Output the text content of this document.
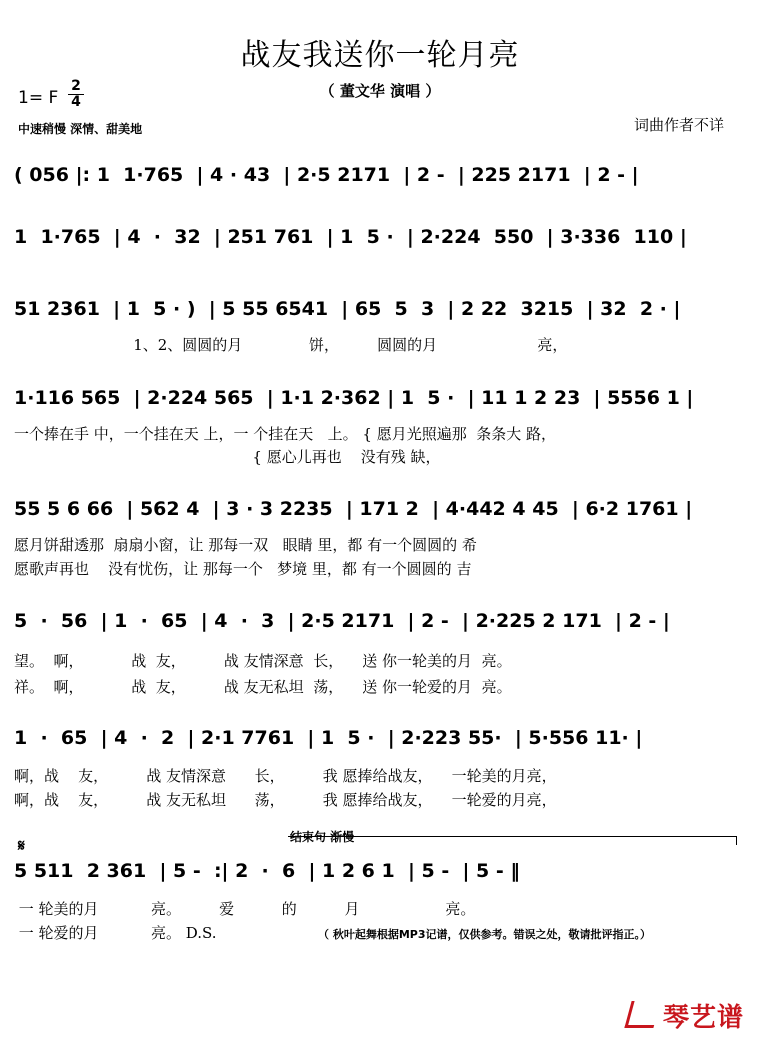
战友我送你一轮月亮
（ 董文华 演唱 ）
1= F
2
4
中速稍慢 深情、甜美地	词曲作者不详
( 056 |: 1  1·765  | 4 · 43  | 2·5 2171  | 2 -  | 225 2171  | 2 - |
1  1·765  | 4  ·  32  | 251 761  | 1  5 ·  | 2·224  550  | 3·336  110 |
51 2361  | 1  5 · )  | 5 55 6541  | 65  5  3  | 2 22  3215  | 32  2 · |
1、2、圆圆的月              饼，        圆圆的月                     亮，
1·116 565  | 2·224 565  | 1·1 2·362 | 1  5 ·  | 11 1 2 23  | 5556 1 |
一个捧在手 中，一个挂在天 上，一 个挂在天   上。 { 愿月光照遍那  条条大 路，
{ 愿心儿再也    没有残 缺，
55 5 6 66  | 562 4  | 3 · 3 2235  | 171 2  | 4·442 4 45  | 6·2 1761 |
愿月饼甜透那  扇扇小窗，让 那每一双   眼睛 里，都 有一个圆圆的 希
愿歌声再也    没有忧伤，让 那每一个   梦境 里，都 有一个圆圆的 吉
5  ·  56  | 1  ·  65  | 4  ·  3  | 2·5 2171  | 2 -  | 2·225 2 171  | 2 - |
望。  啊，          战  友，        战 友情深意  长，    送 你一轮美的月  亮。
祥。  啊，          战  友，        战 友无私坦  荡，    送 你一轮爱的月  亮。
1  ·  65  | 4  ·  2  | 2·1 7761  | 1  5 ·  | 2·223 55·  | 5·556 11· |
啊，战    友，        战 友情深意      长，        我 愿捧给战友，    一轮美的月亮，
啊，战    友，        战 友无私坦      荡，        我 愿捧给战友，    一轮爱的月亮，
结束句 渐慢
𝄋
5 511  2 361  | 5 -  :| 2  ·  6  | 1 2 6 1  | 5 -  | 5 - ‖
一 轮美的月           亮。        爱          的          月                  亮。
一 轮爱的月           亮。 D.S.	（ 秋叶起舞根据MP3记谱，仅供参考。错误之处，敬请批评指正。）
琴艺谱
